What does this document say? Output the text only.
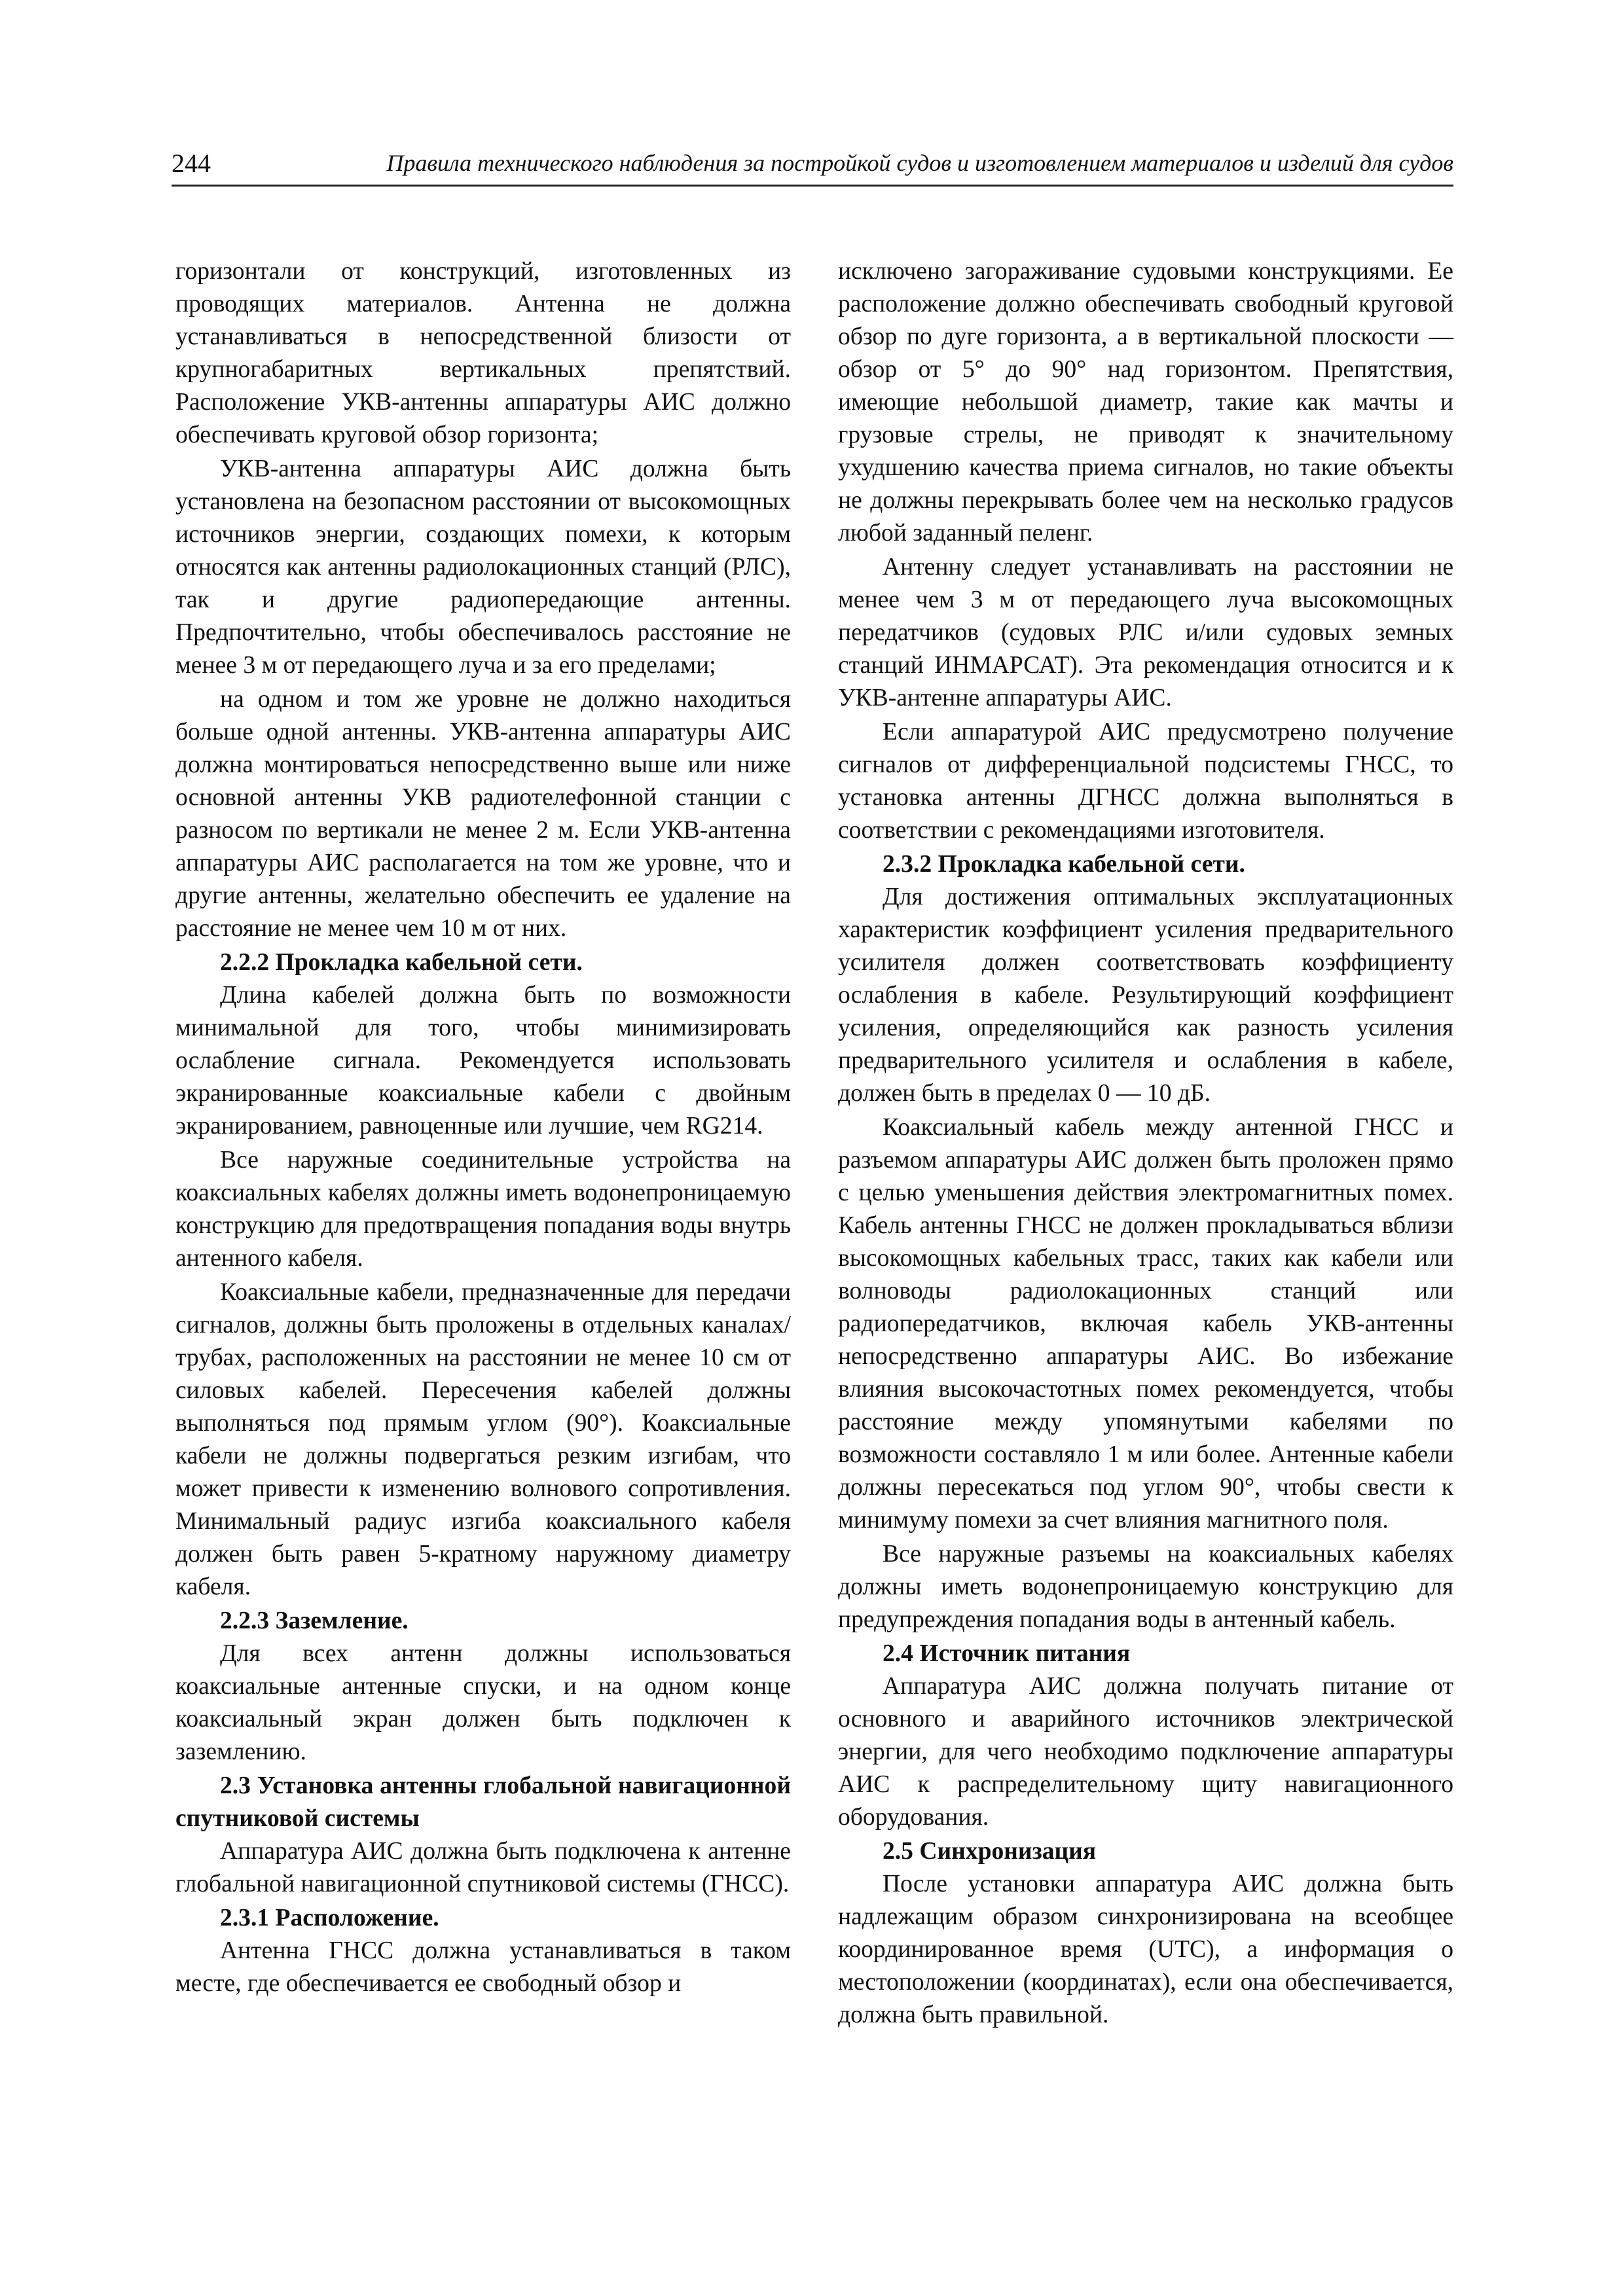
244	Правила технического наблюдения за постройкой судов и изготовлением материалов и изделий для судов

горизонтали от конструкций, изготовленных из проводящих материалов. Антенна не должна устанавливаться в непосредственной близости от крупногабаритных вертикальных препятствий. Расположение УКВ-антенны аппаратуры АИС должно обеспечивать круговой обзор горизонта;

УКВ-антенна аппаратуры АИС должна быть установлена на безопасном расстоянии от высокомощных источников энергии, создающих помехи, к которым относятся как антенны радиолокационных станций (РЛС), так и другие радиопередающие антенны. Предпочтительно, чтобы обеспечивалось расстояние не менее 3 м от передающего луча и за его пределами;

на одном и том же уровне не должно находиться больше одной антенны. УКВ-антенна аппаратуры АИС должна монтироваться непосредственно выше или ниже основной антенны УКВ радиотелефонной станции с разносом по вертикали не менее 2 м. Если УКВ-антенна аппаратуры АИС располагается на том же уровне, что и другие антенны, желательно обеспечить ее удаление на расстояние не менее чем 10 м от них.

2.2.2 Прокладка кабельной сети.

Длина кабелей должна быть по возможности минимальной для того, чтобы минимизировать ослабление сигнала. Рекомендуется использовать экранированные коаксиальные кабели с двойным экранированием, равноценные или лучшие, чем RG214.

Все наружные соединительные устройства на коаксиальных кабелях должны иметь водонепроницаемую конструкцию для предотвращения попадания воды внутрь антенного кабеля.

Коаксиальные кабели, предназначенные для передачи сигналов, должны быть проложены в отдельных каналах/трубах, расположенных на расстоянии не менее 10 см от силовых кабелей. Пересечения кабелей должны выполняться под прямым углом (90°). Коаксиальные кабели не должны подвергаться резким изгибам, что может привести к изменению волнового сопротивления. Минимальный радиус изгиба коаксиального кабеля должен быть равен 5-кратному наружному диаметру кабеля.

2.2.3 Заземление.

Для всех антенн должны использоваться коаксиальные антенные спуски, и на одном конце коаксиальный экран должен быть подключен к заземлению.

2.3 Установка антенны глобальной навигационной спутниковой системы

Аппаратура АИС должна быть подключена к антенне глобальной навигационной спутниковой системы (ГНСС).

2.3.1 Расположение.

Антенна ГНСС должна устанавливаться в таком месте, где обеспечивается ее свободный обзор и

исключено загораживание судовыми конструкциями. Ее расположение должно обеспечивать свободный круговой обзор по дуге горизонта, а в вертикальной плоскости — обзор от 5° до 90° над горизонтом. Препятствия, имеющие небольшой диаметр, такие как мачты и грузовые стрелы, не приводят к значительному ухудшению качества приема сигналов, но такие объекты не должны перекрывать более чем на несколько градусов любой заданный пеленг.

Антенну следует устанавливать на расстоянии не менее чем 3 м от передающего луча высокомощных передатчиков (судовых РЛС и/или судовых земных станций ИНМАРСАТ). Эта рекомендация относится и к УКВ-антенне аппаратуры АИС.

Если аппаратурой АИС предусмотрено получение сигналов от дифференциальной подсистемы ГНСС, то установка антенны ДГНСС должна выполняться в соответствии с рекомендациями изготовителя.

2.3.2 Прокладка кабельной сети.

Для достижения оптимальных эксплуатационных характеристик коэффициент усиления предварительного усилителя должен соответствовать коэффициенту ослабления в кабеле. Результирующий коэффициент усиления, определяющийся как разность усиления предварительного усилителя и ослабления в кабеле, должен быть в пределах 0 — 10 дБ.

Коаксиальный кабель между антенной ГНСС и разъемом аппаратуры АИС должен быть проложен прямо с целью уменьшения действия электромагнитных помех. Кабель антенны ГНСС не должен прокладываться вблизи высокомощных кабельных трасс, таких как кабели или волноводы радиолокационных станций или радиопередатчиков, включая кабель УКВ-антенны непосредственно аппаратуры АИС. Во избежание влияния высокочастотных помех рекомендуется, чтобы расстояние между упомянутыми кабелями по возможности составляло 1 м или более. Антенные кабели должны пересекаться под углом 90°, чтобы свести к минимуму помехи за счет влияния магнитного поля.

Все наружные разъемы на коаксиальных кабелях должны иметь водонепроницаемую конструкцию для предупреждения попадания воды в антенный кабель.

2.4 Источник питания

Аппаратура АИС должна получать питание от основного и аварийного источников электрической энергии, для чего необходимо подключение аппаратуры АИС к распределительному щиту навигационного оборудования.

2.5 Синхронизация

После установки аппаратура АИС должна быть надлежащим образом синхронизирована на всеобщее координированное время (UTC), а информация о местоположении (координатах), если она обеспечивается, должна быть правильной.
